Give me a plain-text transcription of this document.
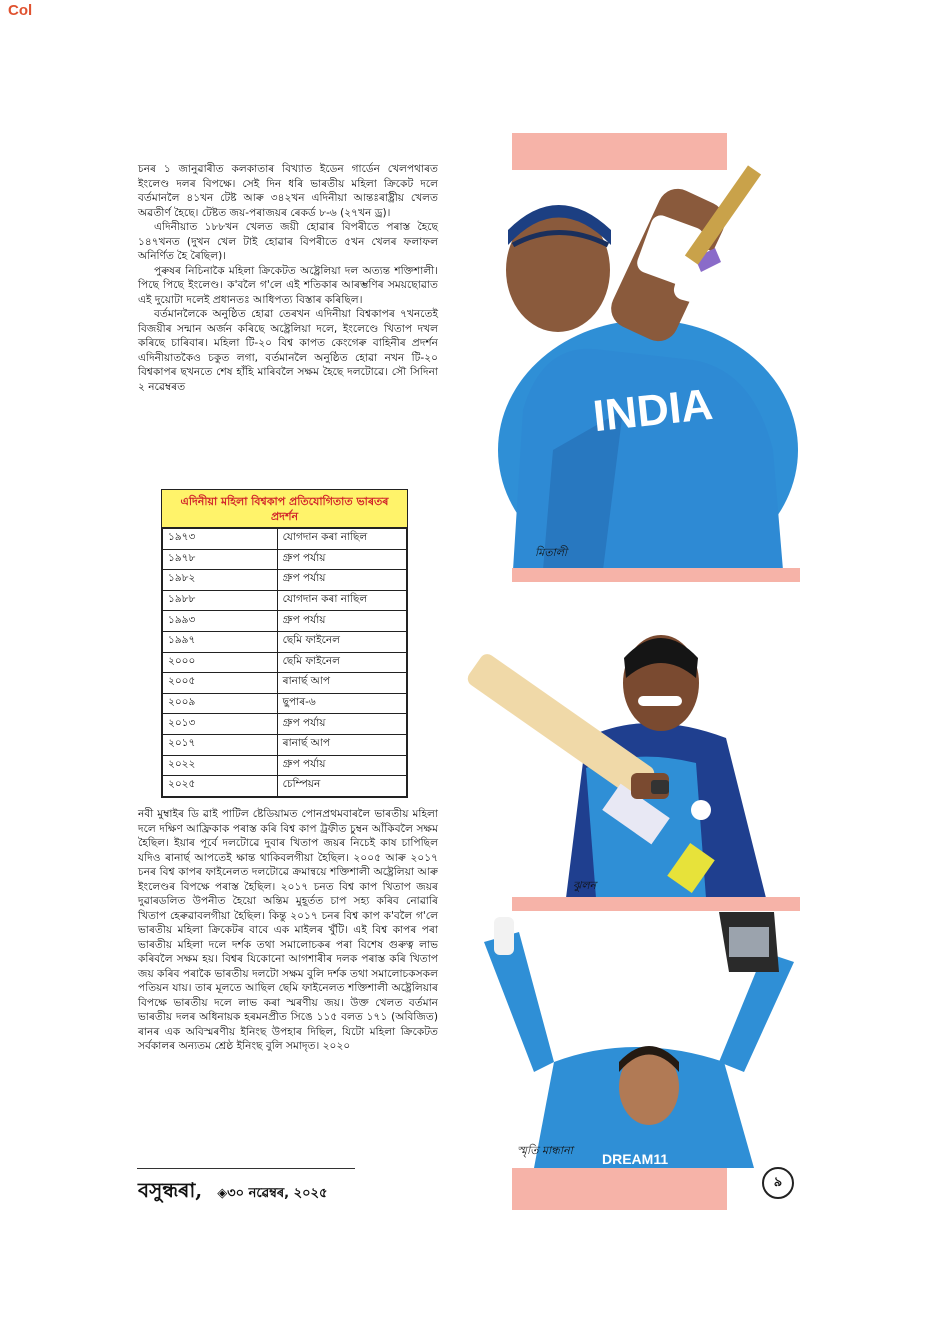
Col

চনৰ ১ জানুৱাৰীত কলকাতাৰ বিখ্যাত ইডেন গাৰ্ডেন খেলপথাৰত ইংলেণ্ড দলৰ বিপক্ষে। সেই দিন ধৰি ভাৰতীয় মহিলা ক্ৰিকেট দলে বৰ্তমানলৈ ৪১খন টেষ্ট আৰু ৩৪২খন এদিনীয়া আন্তঃৰাষ্ট্ৰীয় খেলত অৱতীৰ্ণ হৈছে। টেষ্টত জয়-পৰাজয়ৰ ৰেকৰ্ড ৮-৬ (২৭খন ড্ৰ)।

এদিনীয়াত ১৮৮খন খেলত জয়ী হোৱাৰ বিপৰীতে পৰাস্ত হৈছে ১৪৭খনত (দুখন খেল টাই হোৱাৰ বিপৰীতে ৫খন খেলৰ ফলাফল অনিৰ্ণিত হৈ ৰৈছিল)।

পুৰুষৰ নিচিনাকৈ মহিলা ক্ৰিকেটত অষ্ট্ৰেলিয়া দল অত্যন্ত শক্তিশালী। পিছে পিছে ইংলেণ্ড। ক'বলৈ গ'লে এই শতিকাৰ আৰম্ভণিৰ সময়ছোৱাত এই দুয়োটা দলেই প্ৰধানতঃ আধিপত্য বিস্তাৰ কৰিছিল।

বৰ্তমানলৈকে অনুষ্ঠিত হোৱা তেৰখন এদিনীয়া বিশ্বকাপৰ ৭খনতেই বিজয়ীৰ সন্মান অৰ্জন কৰিছে অষ্ট্ৰেলিয়া দলে, ইংলেণ্ডে খিতাপ দখল কৰিছে চাৰিবাৰ। মহিলা টি-২০ বিশ্ব কাপত কেংগেৰু বাহিনীৰ প্ৰদৰ্শন এদিনীয়াতকৈও চকুত লগা, বৰ্তমানলৈ অনুষ্ঠিত হোৱা নখন টি-২০ বিশ্বকাপৰ ছখনতে শেষ হাঁহি মাৰিবলৈ সক্ষম হৈছে দলটোৱে। সৌ সিদিনা ২ নৱেম্বৰত

এদিনীয়া মহিলা বিশ্বকাপ প্ৰতিযোগিতাত ভাৰতৰ প্ৰদৰ্শন
১৯৭৩	যোগদান কৰা নাছিল
১৯৭৮	গ্ৰুপ পৰ্যায়
১৯৮২	গ্ৰুপ পৰ্যায়
১৯৮৮	যোগদান কৰা নাছিল
১৯৯৩	গ্ৰুপ পৰ্যায়
১৯৯৭	ছেমি ফাইনেল
২০০০	ছেমি ফাইনেল
২০০৫	ৰানাৰ্ছ আপ
২০০৯	ছুপাৰ-৬
২০১৩	গ্ৰুপ পৰ্যায়
২০১৭	ৰানাৰ্ছ আপ
২০২২	গ্ৰুপ পৰ্যায়
২০২৫	চেম্পিয়ন

নবী মুম্বাইৰ ডি ৱাই পাটিল ষ্টেডিয়ামত পোনপ্ৰথমবাৰলৈ ভাৰতীয় মহিলা দলে দক্ষিণ আফ্ৰিকাক পৰাস্ত কৰি বিশ্ব কাপ ট্ৰফীত চুম্বন আঁকিবলৈ সক্ষম হৈছিল। ইয়াৰ পূৰ্বে দলটোৱে দুবাৰ খিতাপ জয়ৰ নিচেই কাষ চাপিছিল যদিও ৰানাৰ্ছ আপতেই ক্ষান্ত থাকিবলগীয়া হৈছিল। ২০০৫ আৰু ২০১৭ চনৰ বিশ্ব কাপৰ ফাইনেলত দলটোৱে ক্ৰমান্বয়ে শক্তিশালী অষ্ট্ৰেলিয়া আৰু ইংলেণ্ডৰ বিপক্ষে পৰাস্ত হৈছিল। ২০১৭ চনত বিশ্ব কাপ খিতাপ জয়ৰ দুৱাৰডলিত উপনীত হৈয়ো অন্তিম মুহূৰ্তত চাপ সহ্য কৰিব নোৱাৰি খিতাপ হেৰুৱাবলগীয়া হৈছিল। কিন্তু ২০১৭ চনৰ বিশ্ব কাপ ক'বলৈ গ'লে ভাৰতীয় মহিলা ক্ৰিকেটৰ বাবে এক মাইলৰ খুঁটি। এই বিশ্ব কাপৰ পৰা ভাৰতীয় মহিলা দলে দৰ্শক তথা সমালোচকৰ পৰা বিশেষ গুৰুত্ব লাভ কৰিবলৈ সক্ষম হয়। বিশ্বৰ যিকোনো আগশাৰীৰ দলক পৰাস্ত কৰি খিতাপ জয় কৰিব পৰাকৈ ভাৰতীয় দলটো সক্ষম বুলি দৰ্শক তথা সমালোচকসকল পতিয়ন যায়। তাৰ মূলতে আছিল ছেমি ফাইনেলত শক্তিশালী অষ্ট্ৰেলিয়াৰ বিপক্ষে ভাৰতীয় দলে লাভ কৰা স্মৰণীয় জয়। উক্ত খেলত বৰ্তমান ভাৰতীয় দলৰ অধিনায়ক হৰমনপ্ৰীত সিঙে ১১৫ বলত ১৭১ (অবিজিত) ৰানৰ এক অবিস্মৰণীয় ইনিংছ উপহাৰ দিছিল, যিটো মহিলা ক্ৰিকেটত সৰ্বকালৰ অন্যতম শ্ৰেষ্ঠ ইনিংছ বুলি সমাদৃত। ২০২০

INDIA
মিতালী
ঝুলন
DREAM11
স্মৃতি মান্ধানা
বসুন্ধৰা, ◈৩০ নৱেম্বৰ, ২০২৫
৯
